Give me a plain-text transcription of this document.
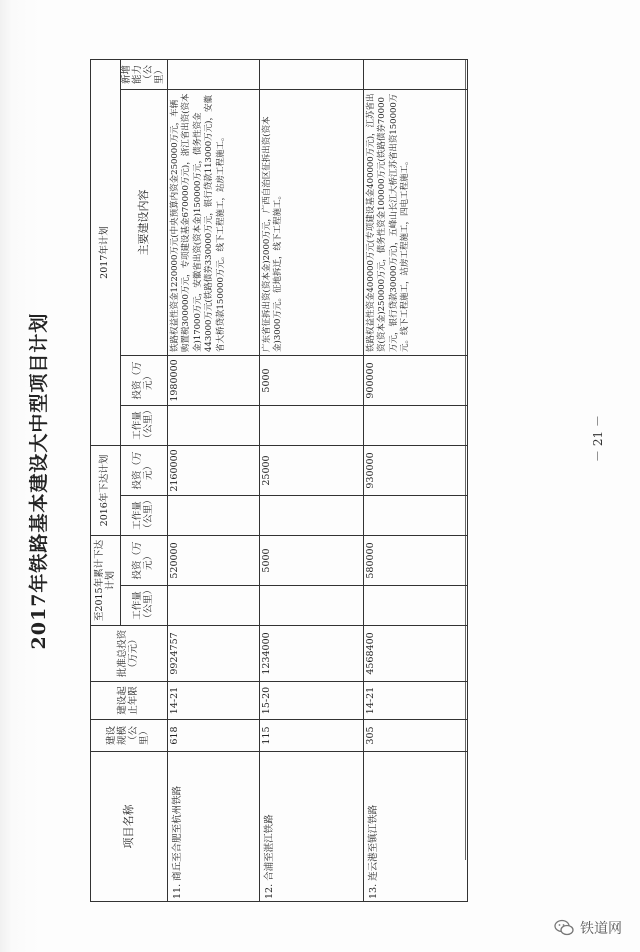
2017年铁路基本建设大中型项目计划
项目名称	建设规模（公里）	建设起止年限	批准总投资（万元）	至2015年累计下达计划		2016年下达计划		2017年计划			
				工作量（公里）	投资（万元）	工作量（公里）	投资（万元）	工作量（公里）	投资（万元）	主要建设内容	新增能力（公里）
11. 商丘至合肥至杭州铁路	618	14-21	9924757		520000		2160000		1980000	铁路权益性资金1220000万元(中央预算内资金250000万元，车辆购置税300000万元，专项建设基金670000万元)，浙江省出资(资本金)17000万元，安徽省出资(资本金)150000万元，债务性资金443000万元(铁路债券330000万元，银行贷款113000万元)，安徽省大桥贷款150000万元。线下工程施工，站房工程施工。	
12. 合浦至湛江铁路	115	15-20	1234000		5000		25000		5000	广东省征拆出资(资本金)2000万元，广西自治区征拆出资(资本金)3000万元。征地拆迁，线下工程施工。	
13. 连云港至镇江铁路	305	14-21	4568400		580000		930000		900000	铁路权益性资金400000万元(专项建设基金400000万元)，江苏省出资(资本金)250000万元，债务性资金100000万元(铁路债券70000万元，银行贷款30000万元)，五峰山长江大桥江苏省出资150000万元。线下工程施工，站房工程施工，四电工程施工。	
－ 21 －
铁道网
